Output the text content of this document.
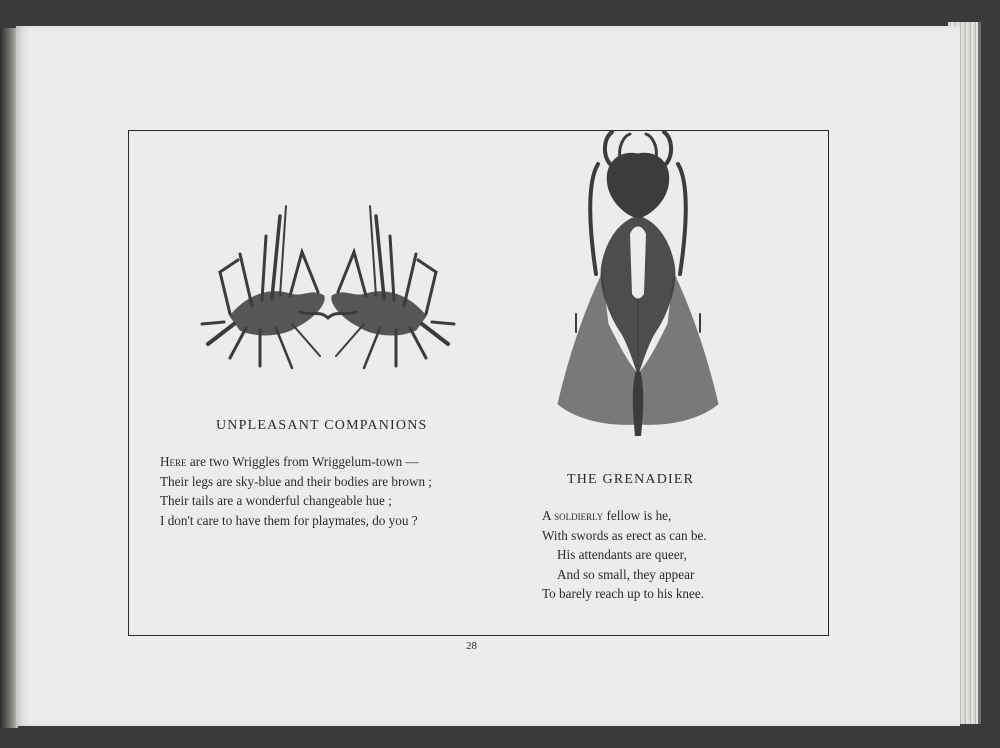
UNPLEASANT COMPANIONS
Here are two Wriggles from Wriggelum-town —
Their legs are sky-blue and their bodies are brown ;
Their tails are a wonderful changeable hue ;
I don't care to have them for playmates, do you ?
THE GRENADIER
A soldierly fellow is he,
With swords as erect as can be.
His attendants are queer,
And so small, they appear
To barely reach up to his knee.
28
